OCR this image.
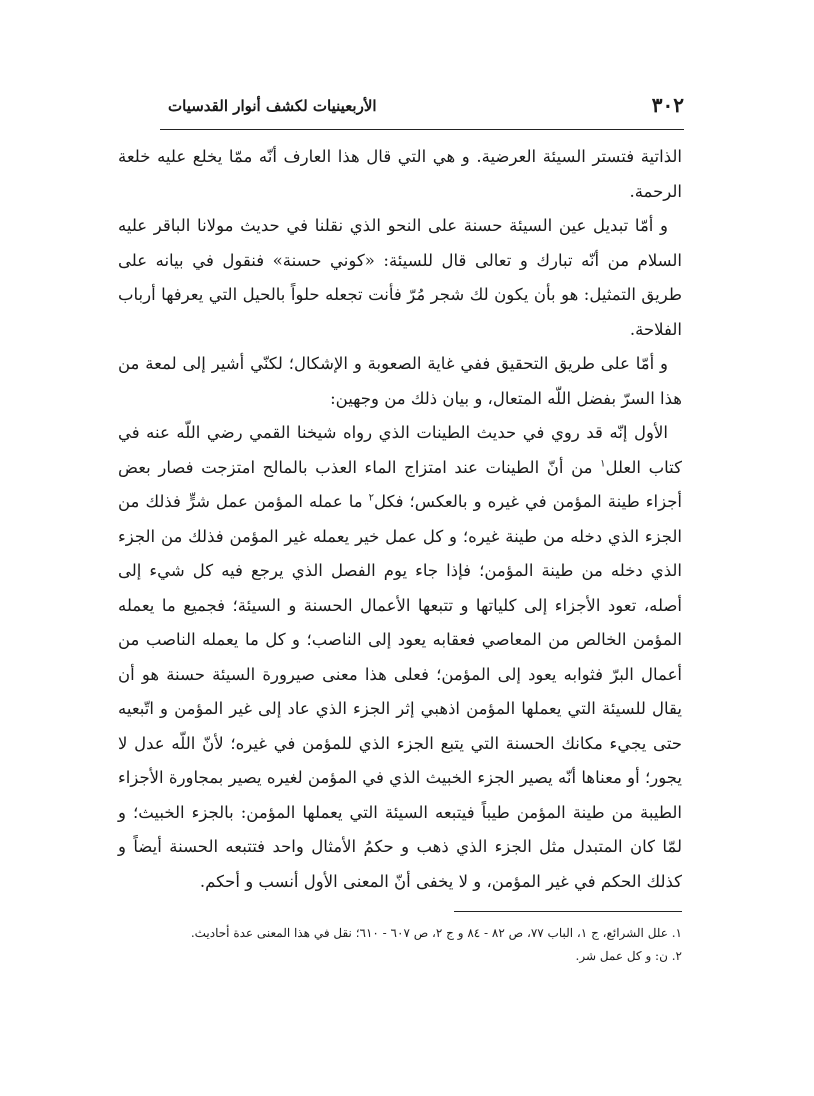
٣٠٢
الأربعينيات لكشف أنوار القدسيات

الذاتية فتستر السيئة العرضية. و هي التي قال هذا العارف أنّه ممّا يخلع عليه خلعة الرحمة.

و أمّا تبديل عين السيئة حسنة على النحو الذي نقلنا في حديث مولانا الباقر عليه السلام من أنّه تبارك و تعالى قال للسيئة: «كوني حسنة» فنقول في بيانه على طريق التمثيل: هو بأن يكون لك شجر مُرّ فأنت تجعله حلواً بالحيل التي يعرفها أرباب الفلاحة.

و أمّا على طريق التحقيق ففي غاية الصعوبة و الإشكال؛ لكنّي أشير إلى لمعة من هذا السرّ بفضل اللّه المتعال، و بيان ذلك من وجهين:

الأول إنّه قد روي في حديث الطينات الذي رواه شيخنا القمي رضي اللّه عنه في كتاب العلل$^١$ من أنّ الطينات عند امتزاج الماء العذب بالمالح امتزجت فصار بعض أجزاء طينة المؤمن في غيره و بالعكس؛ فكل$^٢$ ما عمله المؤمن عمل شرٍّ فذلك من الجزء الذي دخله من طينة غيره؛ و كل عمل خير يعمله غير المؤمن فذلك من الجزء الذي دخله من طينة المؤمن؛ فإذا جاء يوم الفصل الذي يرجع فيه كل شيء إلى أصله، تعود الأجزاء إلى كلياتها و تتبعها الأعمال الحسنة و السيئة؛ فجميع ما يعمله المؤمن الخالص من المعاصي فعقابه يعود إلى الناصب؛ و كل ما يعمله الناصب من أعمال البرّ فثوابه يعود إلى المؤمن؛ فعلى هذا معنى صيرورة السيئة حسنة هو أن يقال للسيئة التي يعملها المؤمن اذهبي إثر الجزء الذي عاد إلى غير المؤمن و اتّبعيه حتى يجيء مكانك الحسنة التي يتبع الجزء الذي للمؤمن في غيره؛ لأنّ اللّه عدل لا يجور؛ أو معناها أنّه يصير الجزء الخبيث الذي في المؤمن لغيره يصير بمجاورة الأجزاء الطيبة من طينة المؤمن طيباً فيتبعه السيئة التي يعملها المؤمن: بالجزء الخبيث؛ و لمّا كان المتبدل مثل الجزء الذي ذهب و حكمُ الأمثال واحد فتتبعه الحسنة أيضاً و كذلك الحكم في غير المؤمن، و لا يخفى أنّ المعنى الأول أنسب و أحكم.

١. علل الشرائع، ج ١، الباب ٧٧، ص ٨٢ - ٨٤ و ج ٢، ص ٦٠٧ - ٦١٠؛ نقل في هذا المعنى عدة أحاديث.

٢. ن: و كل عمل شر.
